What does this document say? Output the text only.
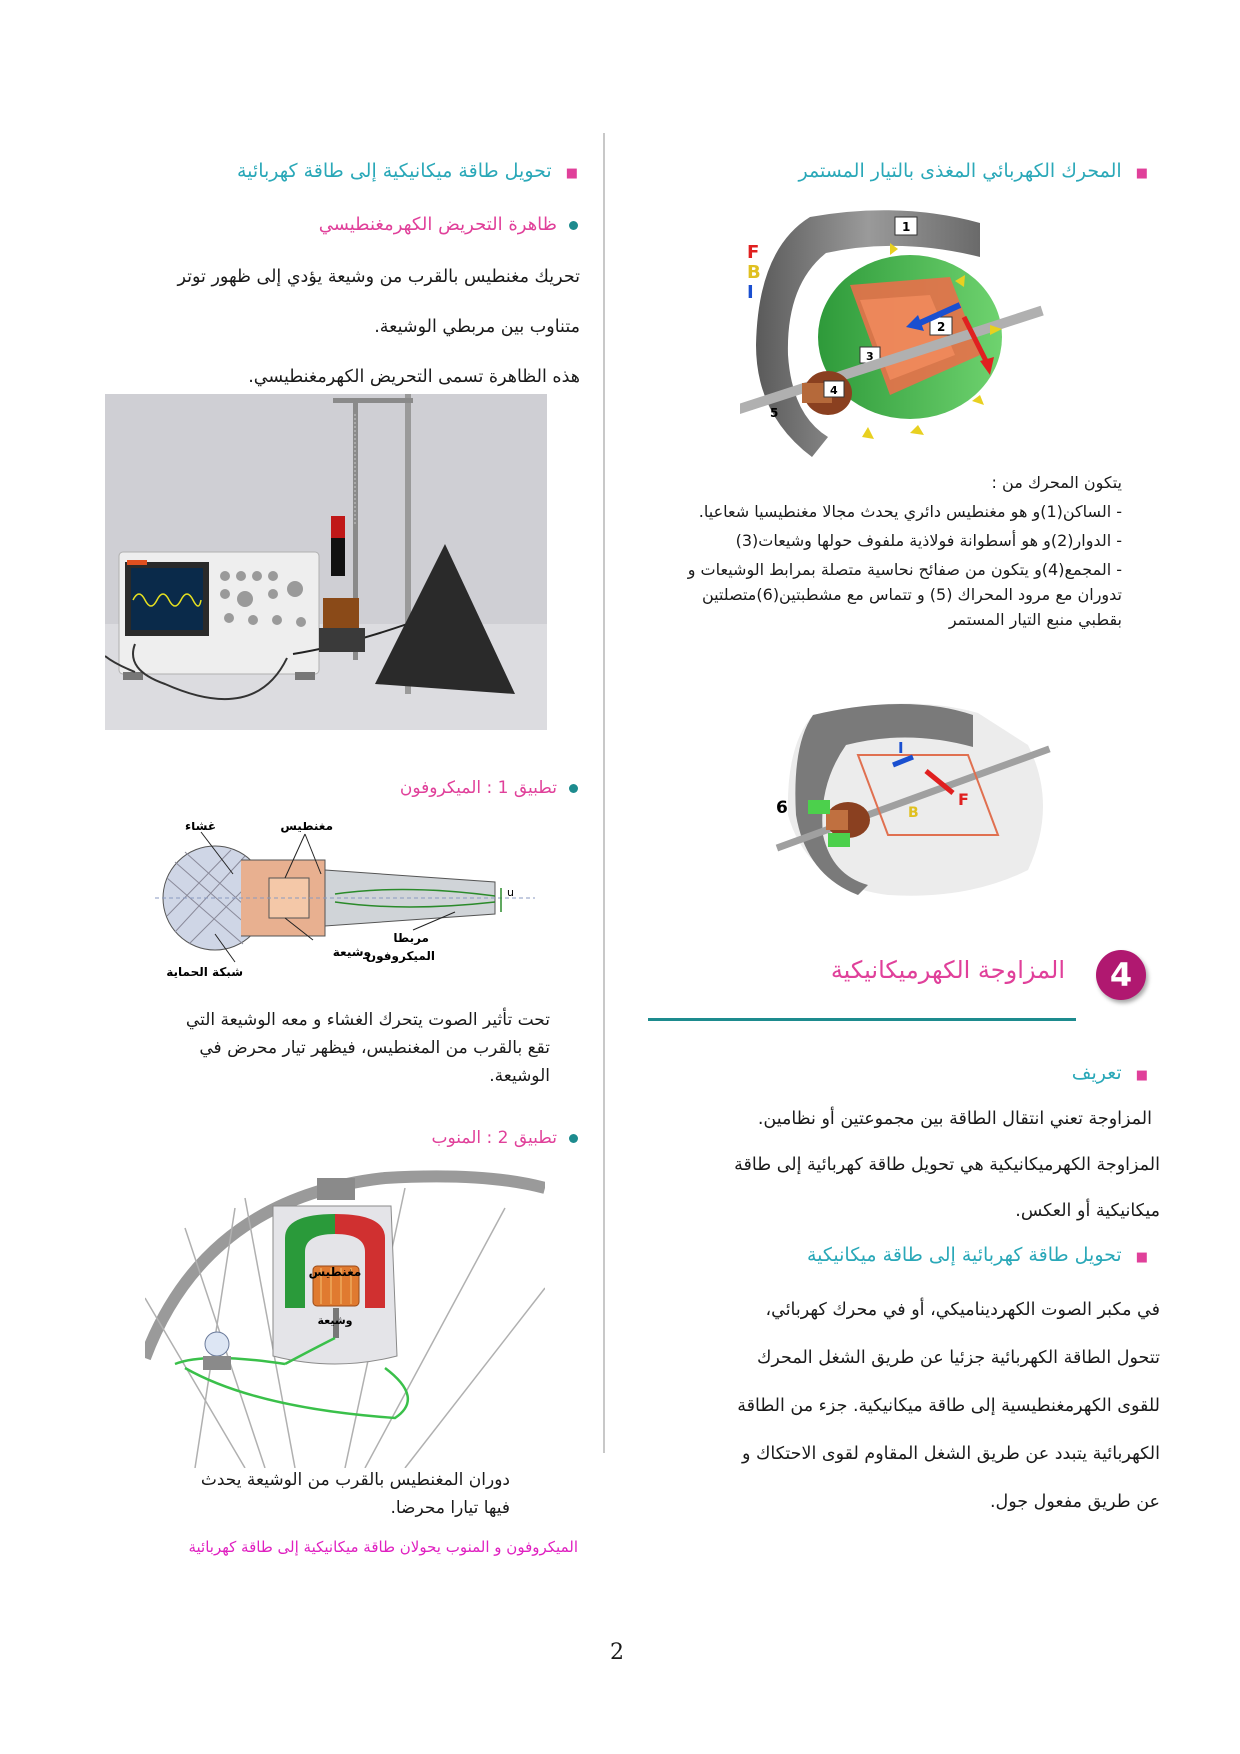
■المحرك الكهربائي المغذى بالتيار المستمر
1
2
3
4
5
F
B
I
يتكون المحرك من :
- الساكن(1)و هو مغنطيس دائري يحدث مجالا مغنطيسيا شعاعيا.
- الدوار(2)و هو أسطوانة فولاذية ملفوف حولها وشيعات(3)
- المجمع(4)و يتكون من صفائح نحاسية متصلة بمرابط الوشيعات و تدوران مع مرود المحراك (5) و تتماس مع مشطبتين(6)متصلتين بقطبي منبع التيار المستمر
6
I
B
F
4
المزاوجة الكهرميكانيكية
■تعريف
المزاوجة تعني انتقال الطاقة بين مجموعتين أو نظامين.
المزاوجة الكهرميكانيكية هي تحويل طاقة كهربائية إلى طاقة
ميكانيكية أو العكس.
■تحويل طاقة كهربائية إلى طاقة ميكانيكية
في مكبر الصوت الكهرديناميكي، أو في محرك كهربائي،
تتحول الطاقة الكهربائية جزئيا عن طريق الشغل المحرك
للقوى الكهرمغنطيسية إلى طاقة ميكانيكية. جزء من الطاقة
الكهربائية يتبدد عن طريق الشغل المقاوم لقوى الاحتكاك و
عن طريق مفعول جول.
■تحويل طاقة ميكانيكية إلى طاقة كهربائية
ظاهرة التحريض الكهرمغنطيسي
تحريك مغنطيس بالقرب من وشيعة يؤدي إلى ظهور توتر
متناوب بين مربطي الوشيعة.
هذه الظاهرة تسمى التحريض الكهرمغنطيسي.
تطبيق 1 : الميكروفون
u
غشاء	مغنطيس
شبكة الحماية
وشيعة
مربطا
الميكروفون
تحت تأثير الصوت يتحرك الغشاء و معه الوشيعة التي
تقع بالقرب من المغنطيس، فيظهر تيار محرض في
الوشيعة.
تطبيق 2 : المنوب
مغنطيس
وشيعة
دوران المغنطيس بالقرب من الوشيعة يحدث
فيها تيارا محرضا.
الميكروفون و المنوب يحولان طاقة ميكانيكية إلى طاقة كهربائية
2
